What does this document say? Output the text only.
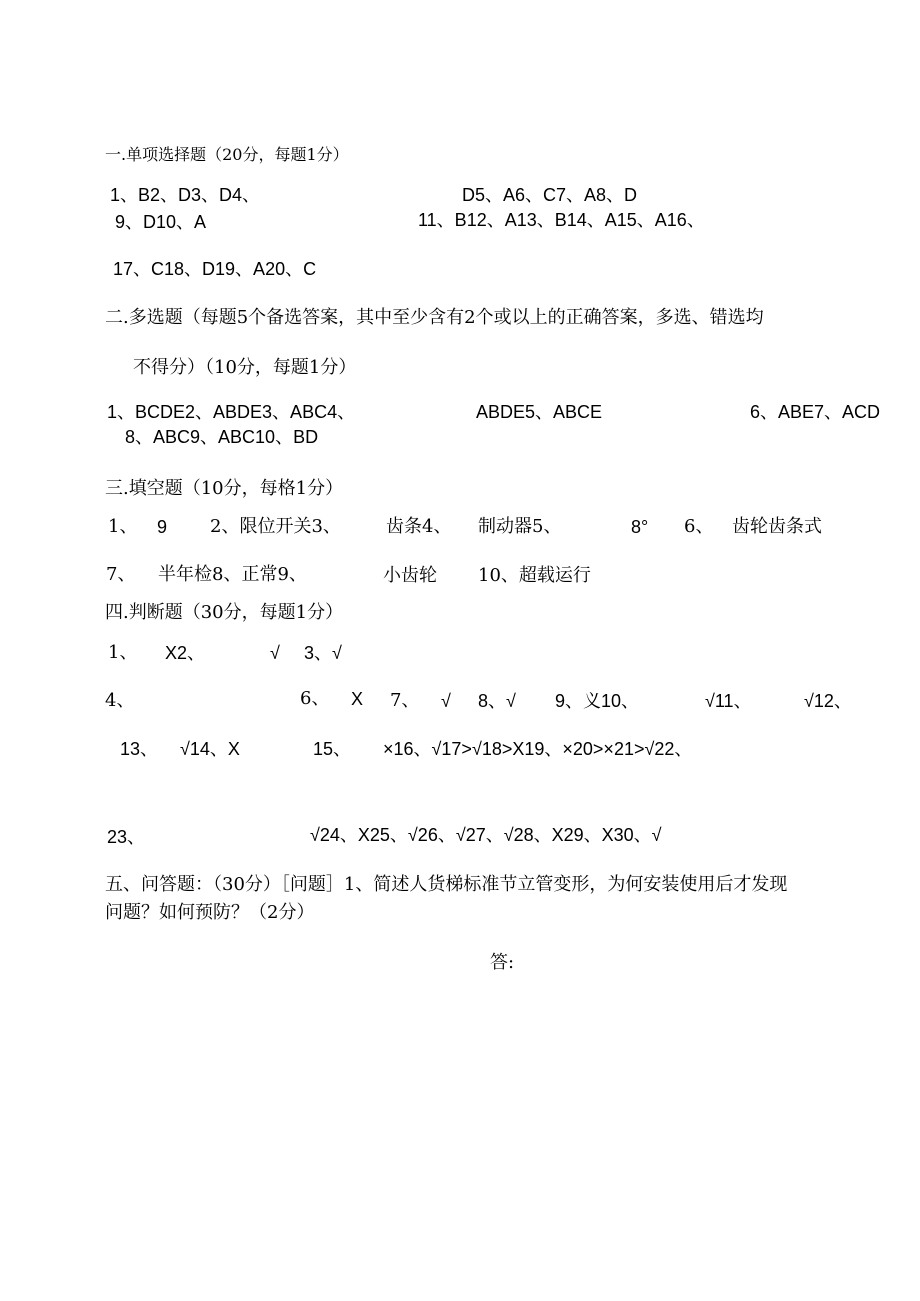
一.单项选择题（20分，每题1分）
1、B2、D3、D4、	D5、A6、C7、A8、D
9、D10、A	11、B12、A13、B14、A15、A16、
17、C18、D19、A20、C
二.多选题（每题5个备选答案，其中至少含有2个或以上的正确答案，多选、错选均
不得分）（10分，每题1分）
1、BCDE2、ABDE3、ABC4、	ABDE5、ABCE	6、ABE7、ACD
8、ABC9、ABC10、BD
三.填空题（10分，每格1分）
1、 9 2、限位开关3、	齿条4、 制动器5、	8° 6、 齿轮齿条式
7、 半年检8、正常9、	小齿轮 10、超载运行
四.判断题（30分，每题1分）
1、 X2、	√ 3、√
4、	6、 X 7、 √ 8、√ 9、义10、	√11、	√12、
13、 √14、X	15、 ×16、√17>√18>X19、×20>×21>√22、
23、	√24、X25、√26、√27、√28、X29、X30、√
五、问答题：（30分）［问题］1、简述人货梯标准节立管变形，为何安装使用后才发现
问题？如何预防？（2分）
答:
